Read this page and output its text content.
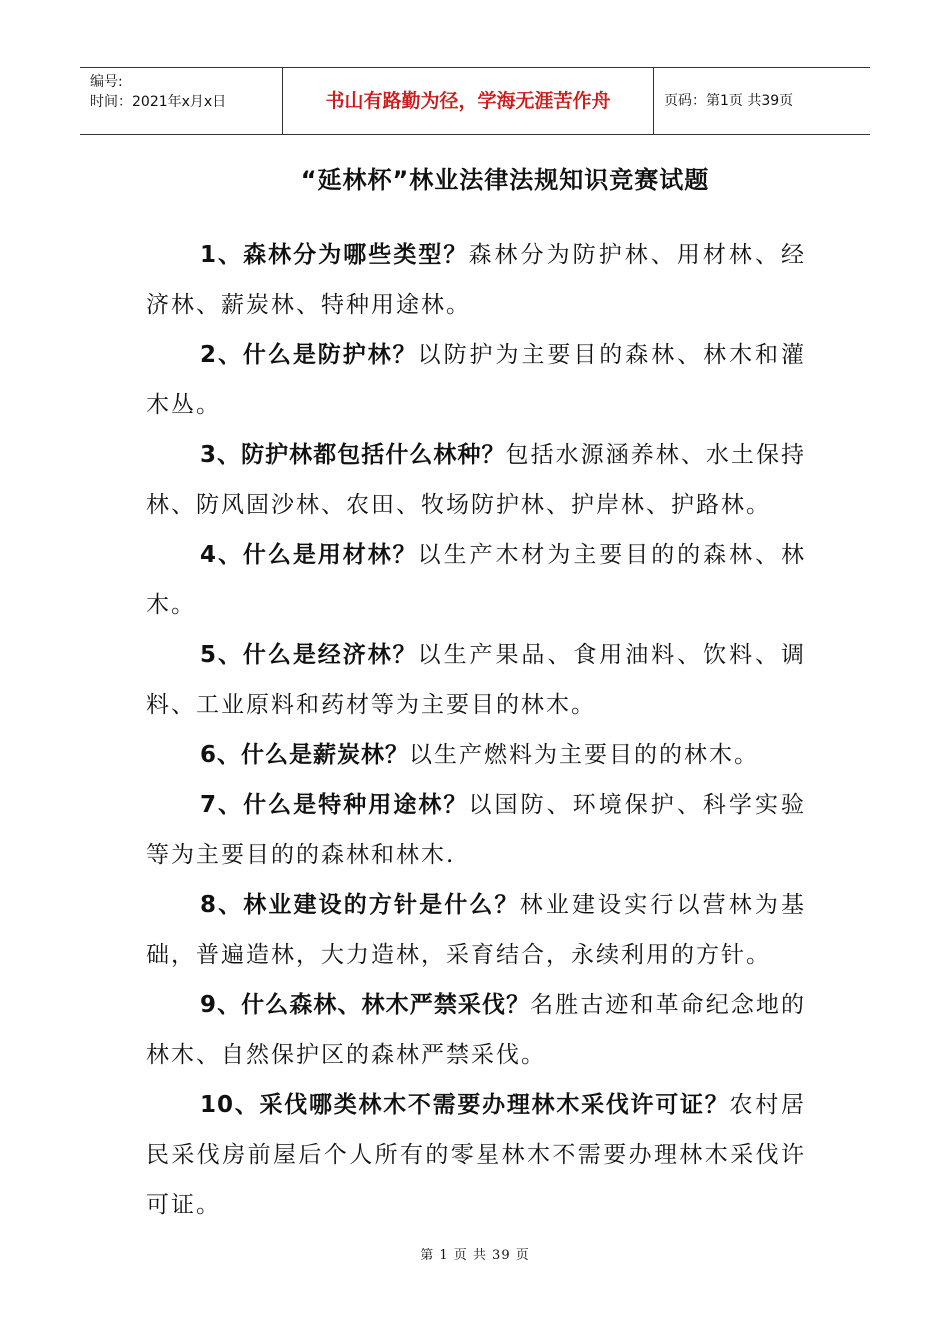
编号:
时间：2021年x月x日	书山有路勤为径，学海无涯苦作舟	页码：第1页 共39页
“延林杯”林业法律法规知识竞赛试题

1、森林分为哪些类型？森林分为防护林、用材林、经济林、薪炭林、特种用途林。

2、什么是防护林？以防护为主要目的森林、林木和灌木丛。

3、防护林都包括什么林种？包括水源涵养林、水土保持林、防风固沙林、农田、牧场防护林、护岸林、护路林。

4、什么是用材林？以生产木材为主要目的的森林、林木。

5、什么是经济林？以生产果品、食用油料、饮料、调料、工业原料和药材等为主要目的林木。

6、什么是薪炭林？以生产燃料为主要目的的林木。

7、什么是特种用途林？以国防、环境保护、科学实验等为主要目的的森林和林木.

8、林业建设的方针是什么？林业建设实行以营林为基础，普遍造林，大力造林，采育结合，永续利用的方针。

9、什么森林、林木严禁采伐？名胜古迹和革命纪念地的林木、自然保护区的森林严禁采伐。

10、采伐哪类林木不需要办理林木采伐许可证？农村居民采伐房前屋后个人所有的零星林木不需要办理林木采伐许可证。

第 1 页 共 39 页
